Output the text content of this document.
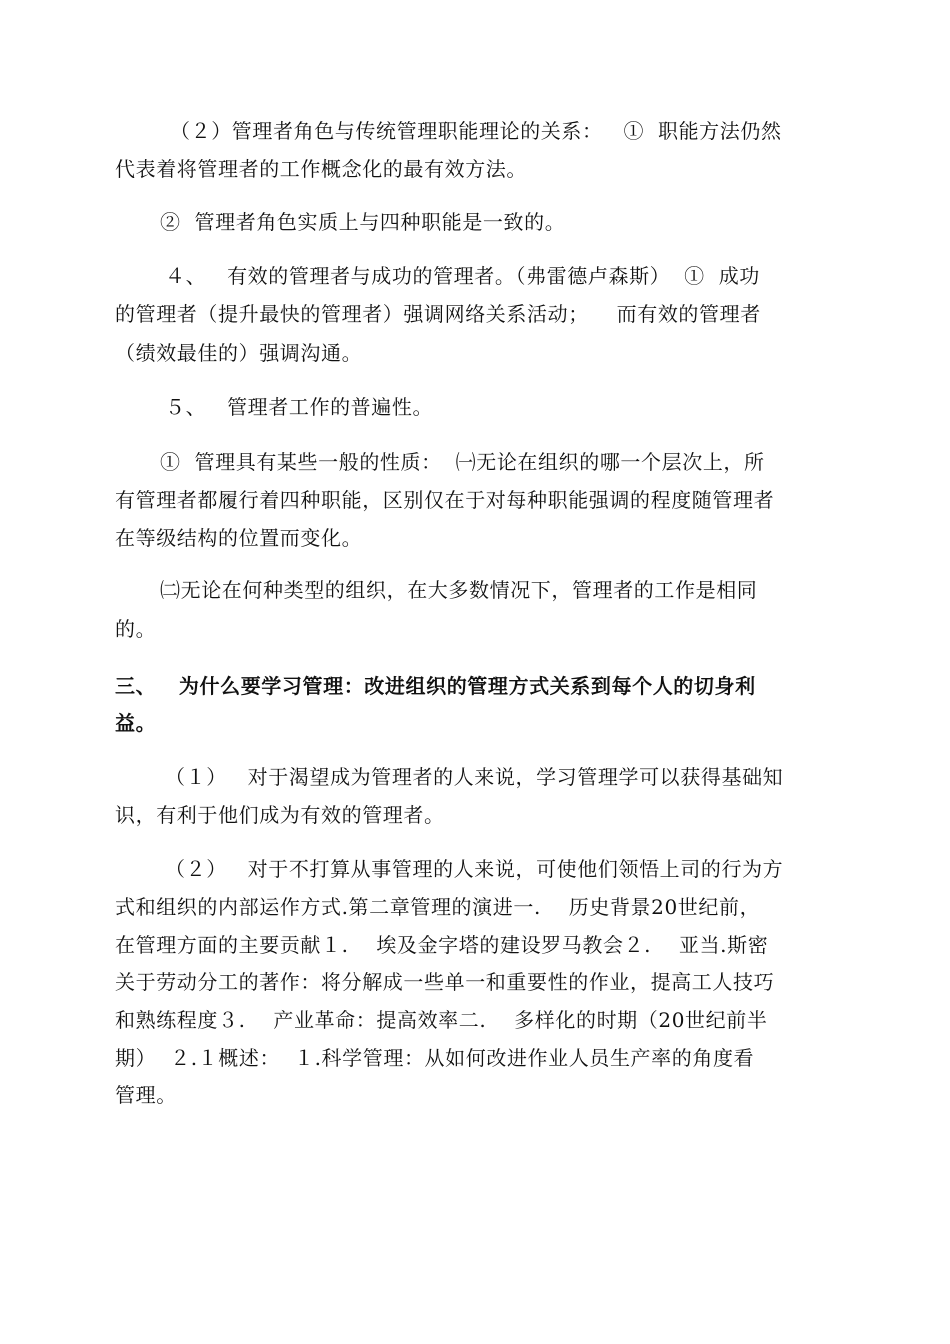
（２）管理者角色与传统管理职能理论的关系：   ①  职能方法仍然
代表着将管理者的工作概念化的最有效方法。
②  管理者角色实质上与四种职能是一致的。
４、   有效的管理者与成功的管理者。（弗雷德卢森斯）  ①  成功
的管理者（提升最快的管理者）强调网络关系活动；    而有效的管理者
（绩效最佳的）强调沟通。
５、   管理者工作的普遍性。
①  管理具有某些一般的性质：  ㈠无论在组织的哪一个层次上，所
有管理者都履行着四种职能，区别仅在于对每种职能强调的程度随管理者
在等级结构的位置而变化。
㈡无论在何种类型的组织，在大多数情况下，管理者的工作是相同
的。
三、   为什么要学习管理：改进组织的管理方式关系到每个人的切身利
益。
（１）   对于渴望成为管理者的人来说，学习管理学可以获得基础知
识，有利于他们成为有效的管理者。
（２）   对于不打算从事管理的人来说，可使他们领悟上司的行为方
式和组织的内部运作方式.第二章管理的演进一.    历史背景20世纪前，
在管理方面的主要贡献１.    埃及金字塔的建设罗马教会２.    亚当.斯密
关于劳动分工的著作：将分解成一些单一和重要性的作业，提高工人技巧
和熟练程度３.    产业革命：提高效率二.    多样化的时期（20世纪前半
期）  ２.１概述：  １.科学管理：从如何改进作业人员生产率的角度看
管理。
